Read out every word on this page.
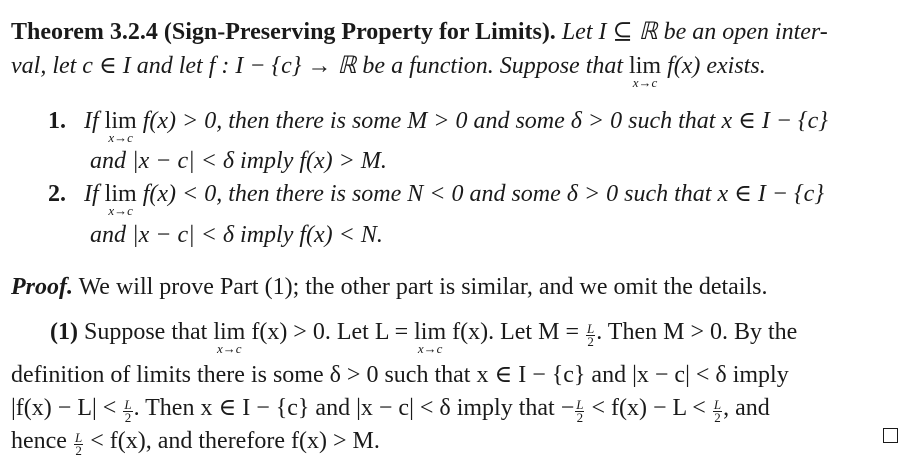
Theorem 3.2.4 (Sign-Preserving Property for Limits). Let I ⊆ ℝ be an open inter-
val, let c ∈ I and let f : I − {c} → ℝ be a function. Suppose that lim
x→c
f(x) exists.
1. If lim
x→c
f(x) > 0, then there is some M > 0 and some δ > 0 such that x ∈ I − {c}
and |x − c| < δ imply f(x) > M.
2. If lim
x→c
f(x) < 0, then there is some N < 0 and some δ > 0 such that x ∈ I − {c}
and |x − c| < δ imply f(x) < N.
Proof. We will prove Part (1); the other part is similar, and we omit the details.
(1) Suppose that lim
x→c
f(x) > 0. Let L = lim
x→c
f(x). Let $M = \frac{L}{2}$ . Then M > 0. By the
definition of limits there is some δ > 0 such that x ∈ I − {c} and |x − c| < δ imply
$|f(x) - L| < \frac{L}{2}$ . Then x ∈ I − {c} and |x − c| < δ imply that − $\frac{L}{2} < f(x) - L < \frac{L}{2}$ , and
hence $\frac{L}{2} < f(x)$, and therefore f(x) > M.
